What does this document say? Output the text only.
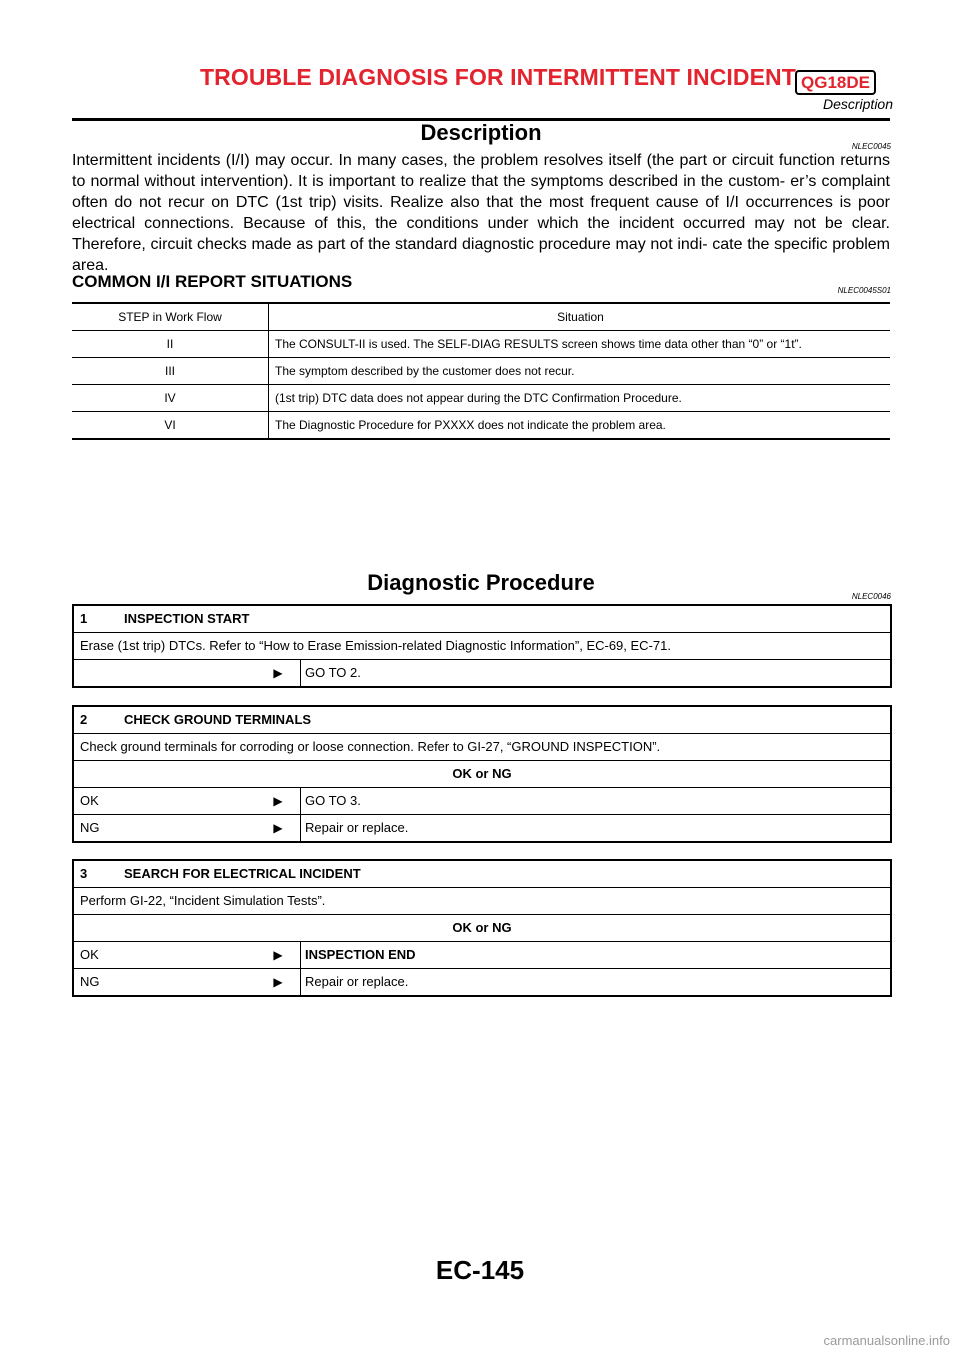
TROUBLE DIAGNOSIS FOR INTERMITTENT INCIDENT QG18DE
Description
Description
NLEC0045

Intermittent incidents (I/I) may occur. In many cases, the problem resolves itself (the part or circuit function returns to normal without intervention). It is important to realize that the symptoms described in the custom- er’s complaint often do not recur on DTC (1st trip) visits. Realize also that the most frequent cause of I/I occurrences is poor electrical connections. Because of this, the conditions under which the incident occurred may not be clear. Therefore, circuit checks made as part of the standard diagnostic procedure may not indi- cate the specific problem area.

COMMON I/I REPORT SITUATIONS	NLEC0045S01
STEP in Work Flow	Situation
II	The CONSULT-II is used. The SELF-DIAG RESULTS screen shows time data other than “0” or “1t”.
III	The symptom described by the customer does not recur.
IV	(1st trip) DTC data does not appear during the DTC Confirmation Procedure.
VI	The Diagnostic Procedure for PXXXX does not indicate the problem area.
Diagnostic Procedure
NLEC0046
1	INSPECTION START
Erase (1st trip) DTCs. Refer to “How to Erase Emission-related Diagnostic Information”, EC-69, EC-71.
▶	GO TO 2.
2	CHECK GROUND TERMINALS
Check ground terminals for corroding or loose connection. Refer to GI-27, “GROUND INSPECTION”.
OK or NG
OK	▶	GO TO 3.
NG	▶	Repair or replace.
3	SEARCH FOR ELECTRICAL INCIDENT
Perform GI-22, “Incident Simulation Tests”.
OK or NG
OK	▶	INSPECTION END
NG	▶	Repair or replace.
EC-145
carmanualsonline.info
